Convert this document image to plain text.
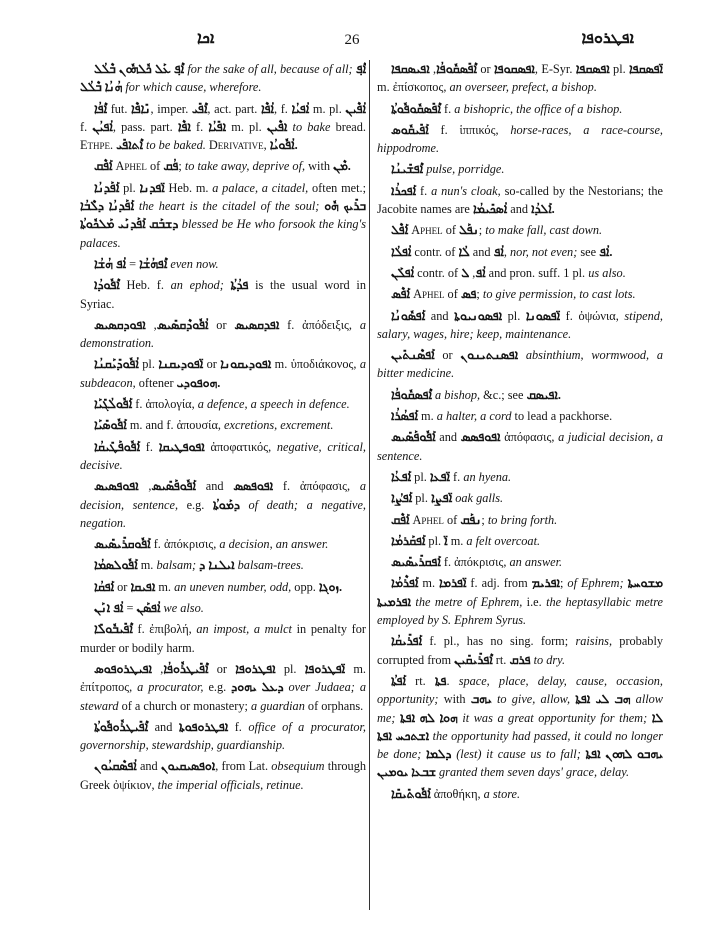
ܐܟܐ	26	ܐܦܛܪܘܦܐ

ܐܶܦ݂ ܥܰܠ ܟܽܠܗܽܘܢ ܒܶܠܳܠ for the sake of all, because of all; ܐܶܦ݂ ܗܳܢܳܐ ܒܶܠܳܠ for which cause, wherefore.

ܐܶܦܳܐ fut. ܢܺܐܦܶܐ, imper. ܐܶܦܺܝ, act. part. ܐܳܦܶܐ, f. ܐܳܦܝܳܐ m. pl. ܐܳܦܶܝܢ f. ܐܳܦܝܳܢ, pass. part. ܐܦܶܐ f. ܐܦܺܝܳܐ m. pl. ܐܦܶܝܢ to bake bread. Ethpe. ܐܶܬܐܦܺܝ to be baked. Derivative, ܐܳܦܽܘܝܳܐ.

ܐܰܦܶܩ Aphel of ܦܳܩ; to take away, deprive of, with ܡܶܢ.

ܐܰܦܰܕܢܳܐ pl. ܐ̈ܦܕܢܐ Heb. m. a palace, a citadel, often met.; ܐܰܦܰܕܢܳܐ ܕܠܶܒܳܐ the heart is the citadel of the soul; ܒܪܺܝܟ ܗܽܘ ܕܫܒܰܩ ܐܰܦܰܕܢܰܝ ܡܰܠܟܽܘܬܳܐ blessed be He who forsook the king's palaces.

ܐܶܦܗܳܫܳܐ = ܐܳܦ ܗܳܫܳܐ	even now.

ܐܶܦܽܘܕܳܐ Heb. f. an ephod; ܦܕܳܬܳܐ is the usual word in Syriac.

ܐܳܦܽܘܕܶܩܣܺܝܣ, ܐܦܘܕܩܣܝܣ	or ܐܦܕܩܣܝܣ f. ἀπόδειξις, a demonstration.

ܐܳܦܽܘܕܺܝܰܩܢܳܐ pl. ܐ̈ܦܘܕܝܩܢܐ or ܐܦܘܕܝܩܘܢܐ m. ὑποδιάκονος, a subdeacon, oftener ܗܘܦܘܕܝ.

ܐܰܦܽܘܠܳܓܺܝܰܐ f. ἀπολογία, a defence, a speech in defence.

ܐܰܦܽܘܣܺܝܰܐ m. and f. ἀπουσία, excretions, excrement.

ܐܰܦܽܘܦܰܛܺܝܩܳܐ f. ܐܦܘܦܛܝܩܐ ἀποφατικός, negative, critical, decisive.

ܐܰܦܽܘܦܰܣܺܝܣ, ܐܦܘܦܣܝܣ	and ܐܦܘܦܣܣ f. ἀπόφασις, a decision, sentence, e.g. ܕܡܰܘܬܳܐ of death; a negative, negation.

ܐܰܦܽܘܩܪܺܝܣܺܝܣ f. ἀπόκρισις, a decision, an answer.

ܐܰܦܽܘܠܣܡܳܐ m. balsam; ܐܝܠܢܐ ܕ balsam-trees.

ܐܰܦܩܳܐ or ܐܦܝܩܐ m. an uneven number, odd, opp. ܙܘܓܐ.

ܐܳܦܣܰܢ = ܐܳܦ ܐܢܰܢ	we also.

ܐܶܦܺܝܒܽܘܠܺܐ f. ἐπιβολή, an impost, a mulct in penalty for murder or bodily harm.

ܐܶܦܺܝܛܪܽܘܦܳܐ, ܐܦܝܛܪܘܦܘܣ	or ܐܦܛܪܘܦܐ pl. ܐ̈ܦܛܪܘܦܐ m. ἐπίτροπος, a procurator, e.g. ܕܥܠ ܝܗܘܕ over Judaea; a steward of a church or monastery; a guardian of orphans.

ܐܶܦܺܝܛܪܽܘܦܽܘܬܳܐ and ܐܦܛܪܘܦܘܬܐ f. office of a procurator, governorship, stewardship, guardianship.

ܐܳܦܣܶܩܝܳܘܢ and ܐܘܦܣܝܩܝܘܢ, from Lat. obsequium through Greek ὀψίκιον, the imperial officials, retinue.

ܐܶܦܺܣܩܽܘܦܳܐ, ܐܦܝܣܩܦܐ	or ܐܦܣܩܘܦܐ, E-Syr. ܐܦܣܩܦܐ pl. ܐ̈ܦܣܩܦܐ m. ἐπίσκοπος, an overseer, prefect, a bishop.

ܐܶܦܺܣܩܽܘܦܽܘܬܳܐ f. a bishopric, the office of a bishop.

ܐܰܦܺܝܩܽܘܣ f. ἱππικός, horse-races, a race-course, hippodrome.

ܐܶܦܫܺܝܢܳܐ pulse, porridge.

ܐܰܦܟܪܳܐ f. a nun's cloak, so-called by the Nestorians; the Jacobite names are ܐܳܣܟܺܝܡܳܐ and ܐܰܠܕܳܐ.

ܐܰܦܶܠ Aphel of ܢܦܰܠ; to make fall, cast down.

ܐܳܦܠܳܐ contr. of ܠܳܐ and ܐܳܦ, nor, not even; see ܐܳܦ.

ܐܳܦܠܰܢ contr. of ܐܳܦ, ܠ and pron. suff. 1 pl. us also.

ܐܰܦܶܣ Aphel of ܦܣ; to give permission, to cast lots.

ܐܰܦܣܽܘܢܳܐ and ܐܦܣܘܢܝܘܬܐ pl. ܐ̈ܦܣܘܢܐ f. ὀψώνια, stipend, salary, wages, hire; keep, maintenance.

ܐܰܦܣܶܢܬܺܝܢ or ܐܦܣܢܬܝܢܘܢ absinthium, wormwood, a bitter medicine.

ܐܶܦܣܩܽܘܦܳܐ a bishop, &c.; see ܐܦܝܣܩ.

ܐܰܦܣܳܪܳܐ m. a halter, a cord to lead a packhorse.

ܐܰܦܽܘܦܰܣܺܝܣ and ܐܦܘܦܣܣ ἀπόφασις, a judicial decision, a sentence.

ܐܰܦܥܳܐ pl. ܐ̈ܦܥܐ f. an hyena.

ܐܰܦܨܳܐ pl. ܐ̈ܦܨܐ oak galls.

ܐܰܦܶܩ Aphel of ܢܦܰܩ; to bring forth.

ܐܰܦܩܰܪܡܳܐ pl. ܐ̈ m. a felt overcoat.

ܐܰܦܩܪܺܝܣܺܝܣ f. ἀπόκρισις, an answer.

ܐܰܦܪܶܡܳܐ m. ܐ̈ܦܪܡܐ f. adj. from ܐܦܪܝܡ; of Ephrem; ܡܫܘܚܬܐ ܐܦܪܡܝܬܐ the metre of Ephrem, i.e. the heptasyllabic metre employed by S. Ephrem Syrus.

ܐܰܦܪܺܝܩܳܐ f. pl., has no sing. form; raisins, probably corrupted from ܐܶܦܪܺܝܩܺܝܢ rt. ܦܪܩ to dry.

ܐܰܦܬܳܐ rt. ܦܬܐ. space, place, delay, cause, occasion, opportunity; with ܝܗܒ to give, allow, ܗܒ ܠܝ ܐܦܬܐ allow me; ܗܘܐ ܠܗ ܐܦܬܐ it was a great opportunity for them; ܠܐ ܐܫܬܟܚ ܐܦܬܐ the opportunity had passed, it could no longer be done; ܕܠܡܐ (lest) it cause us to fall; ܝܗܒܘ ܠܗܘܢ ܐܦܬܐ ܫܒܥܐ ܝܘܡܝܢ granted them seven days' grace, delay.

ܐܰܦܽܘܬܺܝܩܺܐ ἀποθήκη, a store.
